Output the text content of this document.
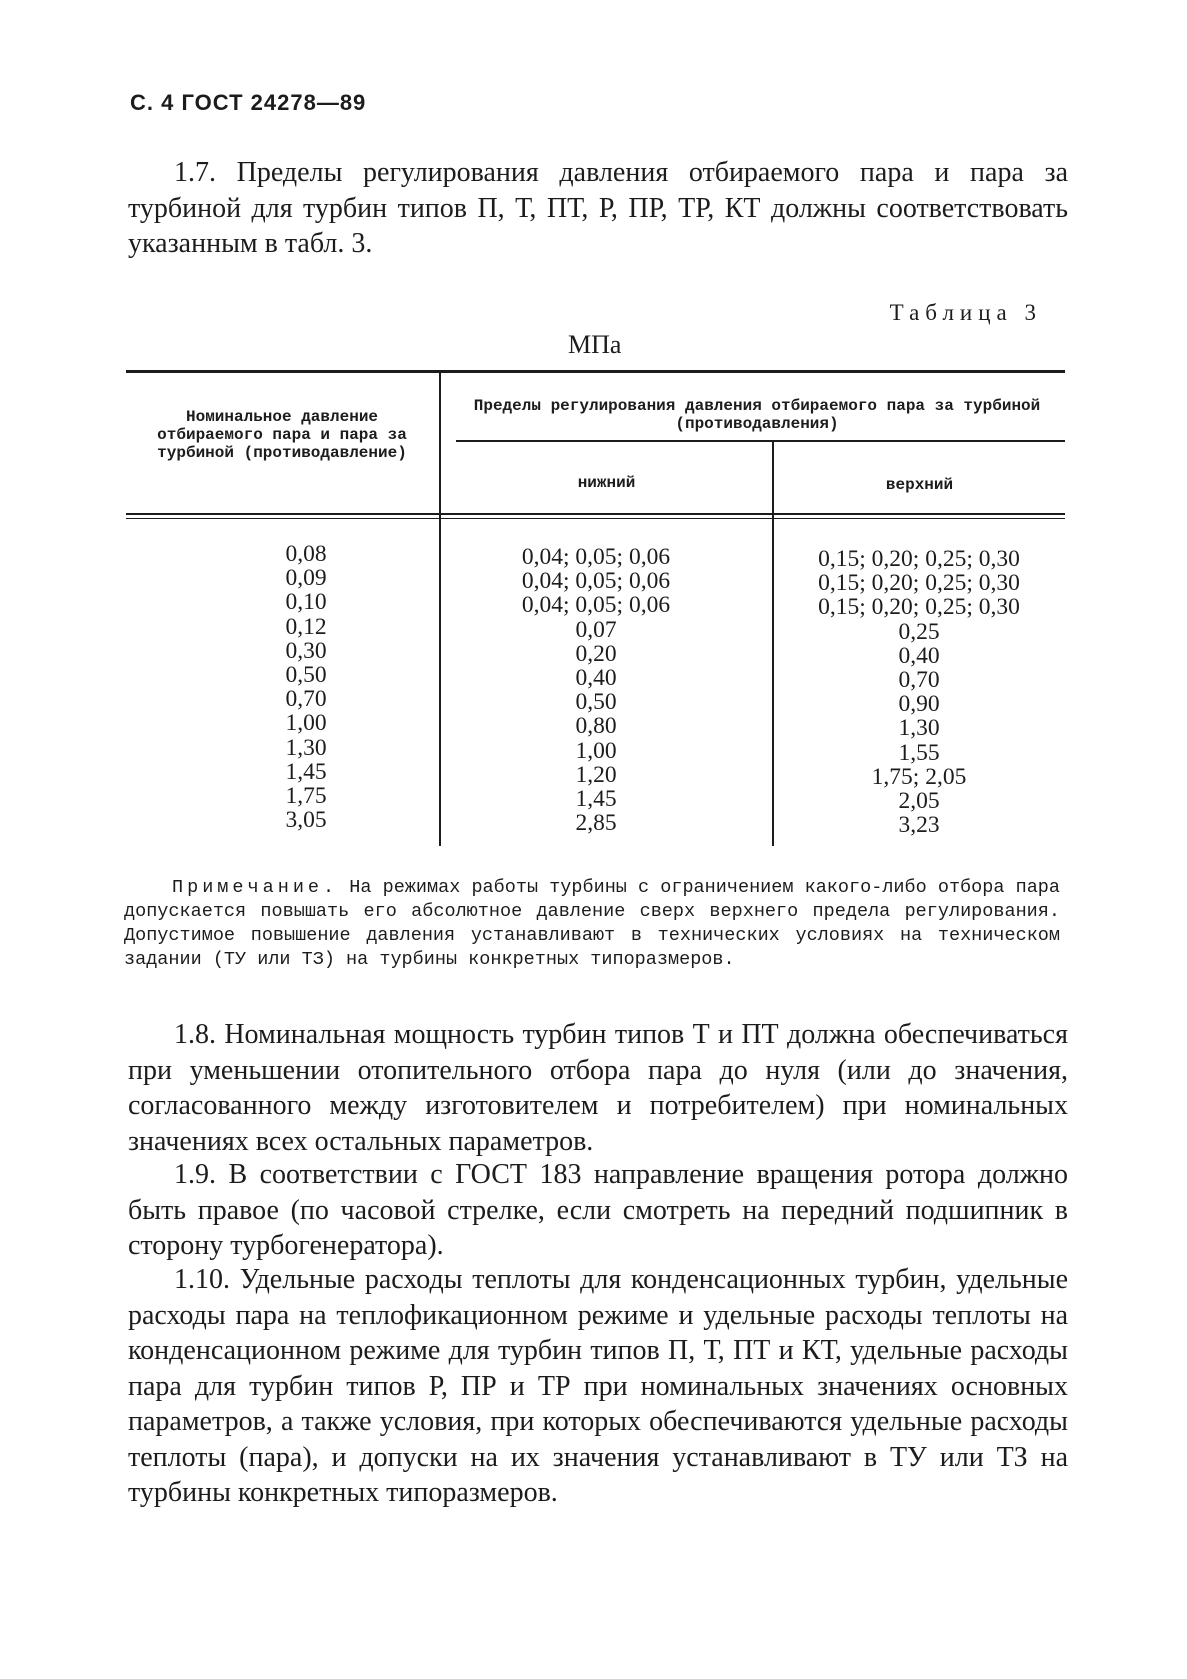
С. 4 ГОСТ 24278—89

1.7. Пределы регулирования давления отбираемого пара и пара за турбиной для турбин типов П, Т, ПТ, Р, ПР, ТР, КТ должны соответствовать указанным в табл. 3.

Таблица 3
МПа
Номинальное давление отбираемого пара и пара за турбиной (противодавление)
Пределы регулирования давления отбираемого пара за турбиной (противодавления)
нижний	верхний
0,08
0,09
0,10
0,12
0,30
0,50
0,70
1,00
1,30
1,45
1,75
3,05
0,04; 0,05; 0,06
0,04; 0,05; 0,06
0,04; 0,05; 0,06
0,07
0,20
0,40
0,50
0,80
1,00
1,20
1,45
2,85
0,15; 0,20; 0,25; 0,30
0,15; 0,20; 0,25; 0,30
0,15; 0,20; 0,25; 0,30
0,25
0,40
0,70
0,90
1,30
1,55
1,75; 2,05
2,05
3,23

Примечание. На режимах работы турбины с ограничением какого-либо отбора пара допускается повышать его абсолютное давление сверх верхнего предела регулирования. Допустимое повышение давления устанавливают в технических условиях на техническом задании (ТУ или ТЗ) на турбины конкретных типоразмеров.

1.8. Номинальная мощность турбин типов Т и ПТ должна обеспечиваться при уменьшении отопительного отбора пара до нуля (или до значения, согласованного между изготовителем и потребителем) при номинальных значениях всех остальных параметров.

1.9. В соответствии с ГОСТ 183 направление вращения ротора должно быть правое (по часовой стрелке, если смотреть на передний подшипник в сторону турбогенератора).

1.10. Удельные расходы теплоты для конденсационных турбин, удельные расходы пара на теплофикационном режиме и удельные расходы теплоты на конденсационном режиме для турбин типов П, Т, ПТ и КТ, удельные расходы пара для турбин типов Р, ПР и ТР при номинальных значениях основных параметров, а также условия, при которых обеспечиваются удельные расходы теплоты (пара), и допуски на их значения устанавливают в ТУ или ТЗ на турбины конкретных типоразмеров.
